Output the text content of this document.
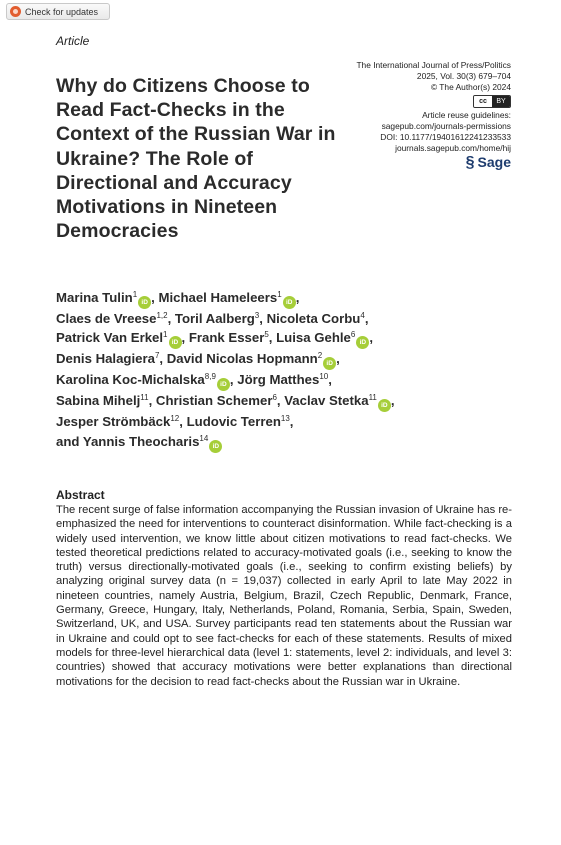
Check for updates
Article
Why do Citizens Choose to Read Fact-Checks in the Context of the Russian War in Ukraine? The Role of Directional and Accuracy Motivations in Nineteen Democracies
The International Journal of Press/Politics
2025, Vol. 30(3) 679–704
© The Author(s) 2024
cc	BY
Article reuse guidelines:
sagepub.com/journals-permissions
DOI: 10.1177/19401612241233533
journals.sagepub.com/home/hij
§ Sage
Marina Tulin$^1$iD , Michael Hameleers$^1$iD ,
Claes de Vreese$^{1,2}$, Toril Aalberg$^3$, Nicoleta Corbu$^4$,
Patrick Van Erkel$^1$iD , Frank Esser$^5$, Luisa Gehle$^6$iD ,
Denis Halagiera$^7$, David Nicolas Hopmann$^2$iD ,
Karolina Koc-Michalska$^{8,9}$iD , Jörg Matthes$^{10}$,
Sabina Mihelj$^{11}$, Christian Schemer$^6$, Vaclav Stetka$^{11}$iD ,
Jesper Strömbäck$^{12}$, Ludovic Terren$^{13}$,
and Yannis Theocharis$^{14}$iD
Abstract

The recent surge of false information accompanying the Russian invasion of Ukraine has re-emphasized the need for interventions to counteract disinformation. While fact-checking is a widely used intervention, we know little about citizen motivations to read fact-checks. We tested theoretical predictions related to accuracy-motivated goals (i.e., seeking to know the truth) versus directionally-motivated goals (i.e., seeking to confirm existing beliefs) by analyzing original survey data (n = 19,037) collected in early April to late May 2022 in nineteen countries, namely Austria, Belgium, Brazil, Czech Republic, Denmark, France, Germany, Greece, Hungary, Italy, Netherlands, Poland, Romania, Serbia, Spain, Sweden, Switzerland, UK, and USA. Survey participants read ten statements about the Russian war in Ukraine and could opt to see fact-checks for each of these statements. Results of mixed models for three-level hierarchical data (level 1: statements, level 2: individuals, and level 3: countries) showed that accuracy motivations were better explanations than directional motivations for the decision to read fact-checks about the Russian war in Ukraine.
